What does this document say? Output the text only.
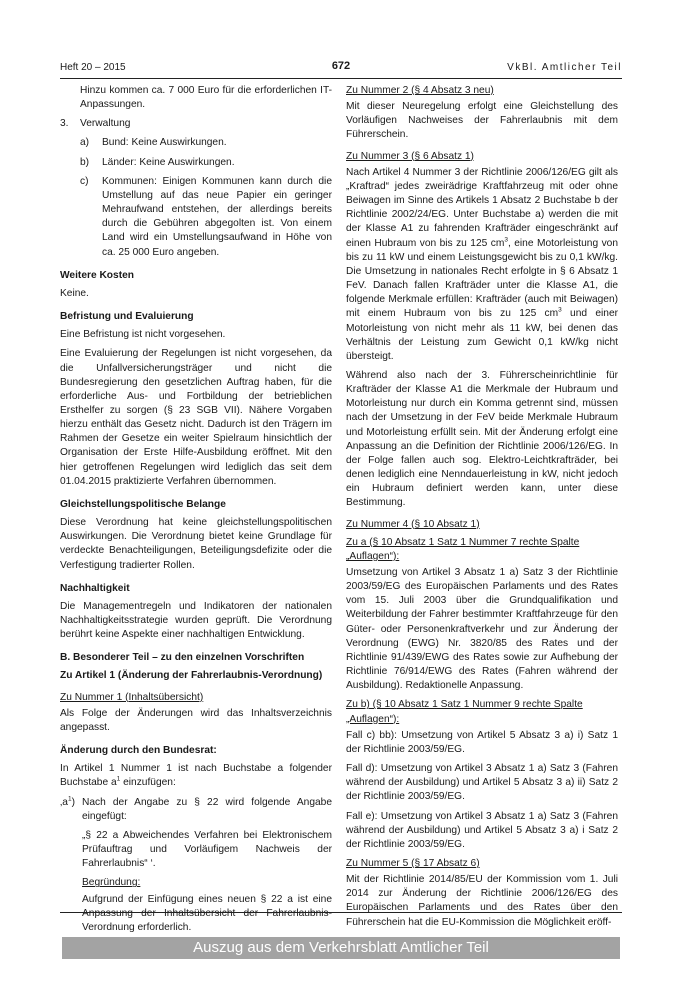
Heft 20 – 2015	672	VkBl. Amtlicher Teil

Hinzu kommen ca. 7 000 Euro für die erforderlichen IT-Anpassungen.

3. Verwaltung
a) Bund: Keine Auswirkungen.
b) Länder: Keine Auswirkungen.
c) Kommunen: Einigen Kommunen kann durch die Umstellung auf das neue Papier ein geringer Mehraufwand entstehen, der allerdings bereits durch die Gebühren abgegolten ist. Von einem Land wird ein Umstellungsaufwand in Höhe von ca. 25 000 Euro angeben.
Weitere Kosten

Keine.

Befristung und Evaluierung

Eine Befristung ist nicht vorgesehen.

Eine Evaluierung der Regelungen ist nicht vorgesehen, da die Unfallversicherungsträger und nicht die Bundesregierung den gesetzlichen Auftrag haben, für die erforderliche Aus- und Fortbildung der betrieblichen Ersthelfer zu sorgen (§ 23 SGB VII). Nähere Vorgaben hierzu enthält das Gesetz nicht. Dadurch ist den Trägern im Rahmen der Gesetze ein weiter Spielraum hinsichtlich der Organisation der Erste Hilfe-Ausbildung eröffnet. Mit den hier getroffenen Regelungen wird lediglich das seit dem 01.04.2015 praktizierte Verfahren übernommen.

Gleichstellungspolitische Belange

Diese Verordnung hat keine gleichstellungspolitischen Auswirkungen. Die Verordnung bietet keine Grundlage für verdeckte Benachteiligungen, Beteiligungsdefizite oder die Verfestigung tradierter Rollen.

Nachhaltigkeit

Die Managementregeln und Indikatoren der nationalen Nachhaltigkeitsstrategie wurden geprüft. Die Verordnung berührt keine Aspekte einer nachhaltigen Entwicklung.

B. Besonderer Teil – zu den einzelnen Vorschriften
Zu Artikel 1 (Änderung der Fahrerlaubnis-Verordnung)
Zu Nummer 1 (Inhaltsübersicht)

Als Folge der Änderungen wird das Inhaltsverzeichnis angepasst.

Änderung durch den Bundesrat:

In Artikel 1 Nummer 1 ist nach Buchstabe a folgender Buchstabe $a^1$ einzufügen:

$‚a^1$) Nach der Angabe zu § 22 wird folgende Angabe eingefügt:

„§ 22 a Abweichendes Verfahren bei Elektronischem Prüfauftrag und Vorläufigem Nachweis der Fahrerlaubnis“ ‘.

Begründung:

Aufgrund der Einfügung eines neuen § 22 a ist eine Anpassung der Inhaltsübersicht der Fahrerlaubnis-Verordnung erforderlich.

Zu Nummer 2 (§ 4 Absatz 3 neu)

Mit dieser Neuregelung erfolgt eine Gleichstellung des Vorläufigen Nachweises der Fahrerlaubnis mit dem Führerschein.

Zu Nummer 3 (§ 6 Absatz 1)

Nach Artikel 4 Nummer 3 der Richtlinie 2006/126/EG gilt als „Kraftrad“ jedes zweirädrige Kraftfahrzeug mit oder ohne Beiwagen im Sinne des Artikels 1 Absatz 2 Buchstabe b der Richtlinie 2002/24/EG. Unter Buchstabe a) werden die mit der Klasse A1 zu fahrenden Krafträder eingeschränkt auf einen Hubraum von bis zu 125 $cm^3$, eine Motorleistung von bis zu 11 kW und einem Leistungsgewicht bis zu 0,1 kW/kg. Die Umsetzung in nationales Recht erfolgte in § 6 Absatz 1 FeV. Danach fallen Krafträder unter die Klasse A1, die folgende Merkmale erfüllen: Krafträder (auch mit Beiwagen) mit einem Hubraum von bis zu 125 $cm^3$ und einer Motorleistung von nicht mehr als 11 kW, bei denen das Verhältnis der Leistung zum Gewicht 0,1 kW/kg nicht übersteigt.

Während also nach der 3. Führerscheinrichtlinie für Krafträder der Klasse A1 die Merkmale der Hubraum und Motorleistung nur durch ein Komma getrennt sind, müssen nach der Umsetzung in der FeV beide Merkmale Hubraum und Motorleistung erfüllt sein. Mit der Änderung erfolgt eine Anpassung an die Definition der Richtlinie 2006/126/EG. In der Folge fallen auch sog. Elektro-Leichtkrafträder, bei denen lediglich eine Nenndauerleistung in kW, nicht jedoch ein Hubraum definiert werden kann, unter diese Bestimmung.

Zu Nummer 4 (§ 10 Absatz 1)
Zu a (§ 10 Absatz 1 Satz 1 Nummer 7 rechte Spalte „Auflagen“):

Umsetzung von Artikel 3 Absatz 1 a) Satz 3 der Richtlinie 2003/59/EG des Europäischen Parlaments und des Rates vom 15. Juli 2003 über die Grundqualifikation und Weiterbildung der Fahrer bestimmter Kraftfahrzeuge für den Güter- oder Personenkraftverkehr und zur Änderung der Verordnung (EWG) Nr. 3820/85 des Rates und der Richtlinie 91/439/EWG des Rates sowie zur Aufhebung der Richtlinie 76/914/EWG des Rates (Fahren während der Ausbildung). Redaktionelle Anpassung.

Zu b) (§ 10 Absatz 1 Satz 1 Nummer 9 rechte Spalte „Auflagen“):

Fall c) bb): Umsetzung von Artikel 5 Absatz 3 a) i) Satz 1 der Richtlinie 2003/59/EG.

Fall d): Umsetzung von Artikel 3 Absatz 1 a) Satz 3 (Fahren während der Ausbildung) und Artikel 5 Absatz 3 a) ii) Satz 2 der Richtlinie 2003/59/EG.

Fall e): Umsetzung von Artikel 3 Absatz 1 a) Satz 3 (Fahren während der Ausbildung) und Artikel 5 Absatz 3 a) i Satz 2 der Richtlinie 2003/59/EG.

Zu Nummer 5 (§ 17 Absatz 6)

Mit der Richtlinie 2014/85/EU der Kommission vom 1. Juli 2014 zur Änderung der Richtlinie 2006/126/EG des Europäischen Parlaments und des Rates über den Führerschein hat die EU-Kommission die Möglichkeit eröff-

Auszug aus dem Verkehrsblatt Amtlicher Teil
